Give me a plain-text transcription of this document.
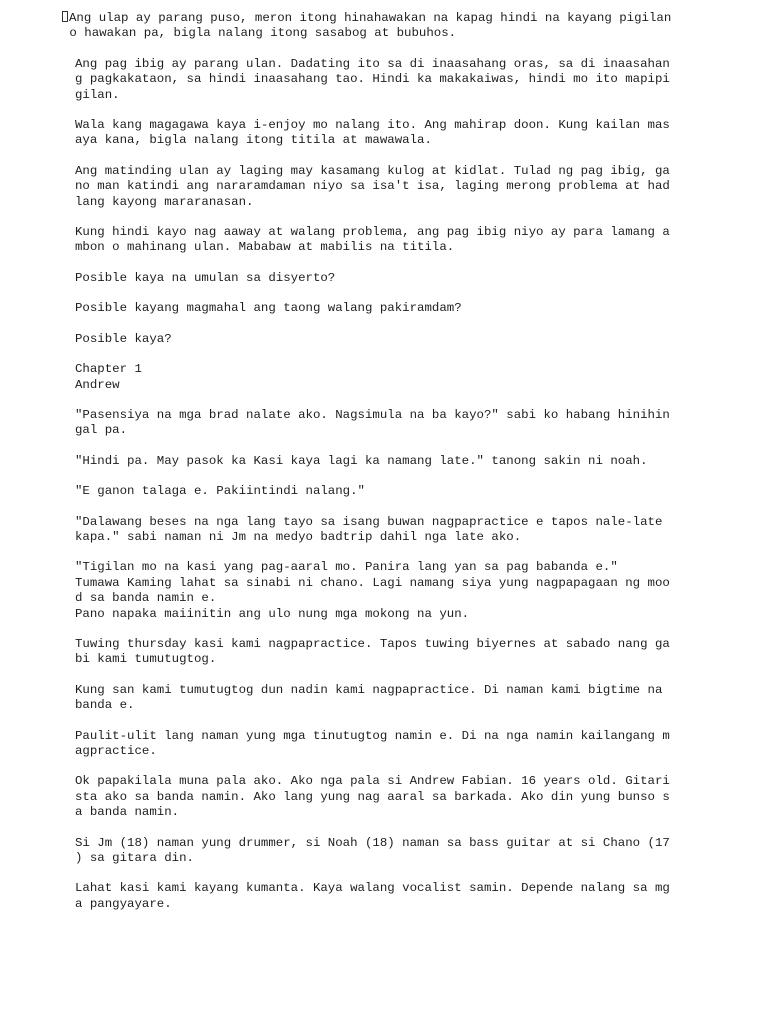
Ang ulap ay parang puso, meron itong hinahawakan na kapag hindi na kayang pigilan
o hawakan pa, bigla nalang itong sasabog at bubuhos.

Ang pag ibig ay parang ulan. Dadating ito sa di inaasahang oras, sa di inaasahan
g pagkakataon, sa hindi inaasahang tao. Hindi ka makakaiwas, hindi mo ito mapipi
gilan.

Wala kang magagawa kaya i-enjoy mo nalang ito. Ang mahirap doon. Kung kailan mas
aya kana, bigla nalang itong titila at mawawala.

Ang matinding ulan ay laging may kasamang kulog at kidlat. Tulad ng pag ibig, ga
no man katindi ang nararamdaman niyo sa isa't isa, laging merong problema at had
lang kayong mararanasan.

Kung hindi kayo nag aaway at walang problema, ang pag ibig niyo ay para lamang a
mbon o mahinang ulan. Mababaw at mabilis na titila.

Posible kaya na umulan sa disyerto?

Posible kayang magmahal ang taong walang pakiramdam?

Posible kaya?

Chapter 1
Andrew

"Pasensiya na mga brad nalate ako. Nagsimula na ba kayo?" sabi ko habang hinihin
gal pa.

"Hindi pa. May pasok ka Kasi kaya lagi ka namang late." tanong sakin ni noah.

"E ganon talaga e. Pakiintindi nalang."

"Dalawang beses na nga lang tayo sa isang buwan nagpapractice e tapos nale-late
kapa." sabi naman ni Jm na medyo badtrip dahil nga late ako.

"Tigilan mo na kasi yang pag-aaral mo. Panira lang yan sa pag babanda e."
Tumawa Kaming lahat sa sinabi ni chano. Lagi namang siya yung nagpapagaan ng moo
d sa banda namin e.
Pano napaka maiinitin ang ulo nung mga mokong na yun.

Tuwing thursday kasi kami nagpapractice. Tapos tuwing biyernes at sabado nang ga
bi kami tumutugtog.

Kung san kami tumutugtog dun nadin kami nagpapractice. Di naman kami bigtime na
banda e.

Paulit-ulit lang naman yung mga tinutugtog namin e. Di na nga namin kailangang m
agpractice.

Ok papakilala muna pala ako. Ako nga pala si Andrew Fabian. 16 years old. Gitari
sta ako sa banda namin. Ako lang yung nag aaral sa barkada. Ako din yung bunso s
a banda namin.

Si Jm (18) naman yung drummer, si Noah (18) naman sa bass guitar at si Chano (17
) sa gitara din.

Lahat kasi kami kayang kumanta. Kaya walang vocalist samin. Depende nalang sa mg
a pangyayare.
